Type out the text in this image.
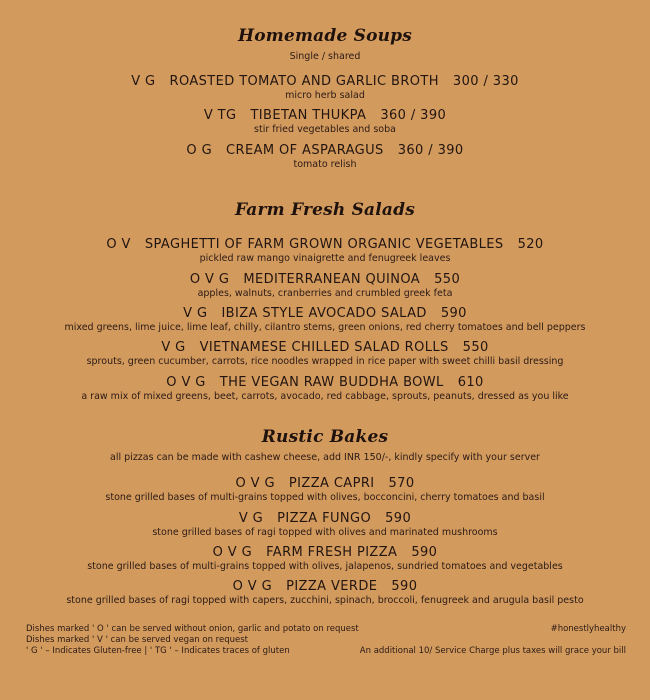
Homemade Soups
Single / shared
V G ROASTED TOMATO AND GARLIC BROTH 300 / 330
micro herb salad
V TG TIBETAN THUKPA 360 / 390
stir fried vegetables and soba
O G CREAM OF ASPARAGUS 360 / 390
tomato relish
Farm Fresh Salads
O V SPAGHETTI OF FARM GROWN ORGANIC VEGETABLES 520
pickled raw mango vinaigrette and fenugreek leaves
O V G MEDITERRANEAN QUINOA 550
apples, walnuts, cranberries and crumbled greek feta
V G IBIZA STYLE AVOCADO SALAD 590
mixed greens, lime juice, lime leaf, chilly, cilantro stems, green onions, red cherry tomatoes and bell peppers
V G VIETNAMESE CHILLED SALAD ROLLS 550
sprouts, green cucumber, carrots, rice noodles wrapped in rice paper with sweet chilli basil dressing
O V G THE VEGAN RAW BUDDHA BOWL 610
a raw mix of mixed greens, beet, carrots, avocado, red cabbage, sprouts, peanuts, dressed as you like
Rustic Bakes
all pizzas can be made with cashew cheese, add INR 150/-, kindly specify with your server
O V G PIZZA CAPRI 570
stone grilled bases of multi-grains topped with olives, bocconcini, cherry tomatoes and basil
V G PIZZA FUNGO 590
stone grilled bases of ragi topped with olives and marinated mushrooms
O V G FARM FRESH PIZZA 590
stone grilled bases of multi-grains topped with olives, jalapenos, sundried tomatoes and vegetables
O V G PIZZA VERDE 590
stone grilled bases of ragi topped with capers, zucchini, spinach, broccoli, fenugreek and arugula basil pesto
Dishes marked ' O ' can be served without onion, garlic and potato on request
Dishes marked ' V ' can be served vegan on request
' G ' – Indicates Gluten-free | ' TG ' – Indicates traces of gluten
#honestlyhealthy
An additional 10/ Service Charge plus taxes will grace your bill
